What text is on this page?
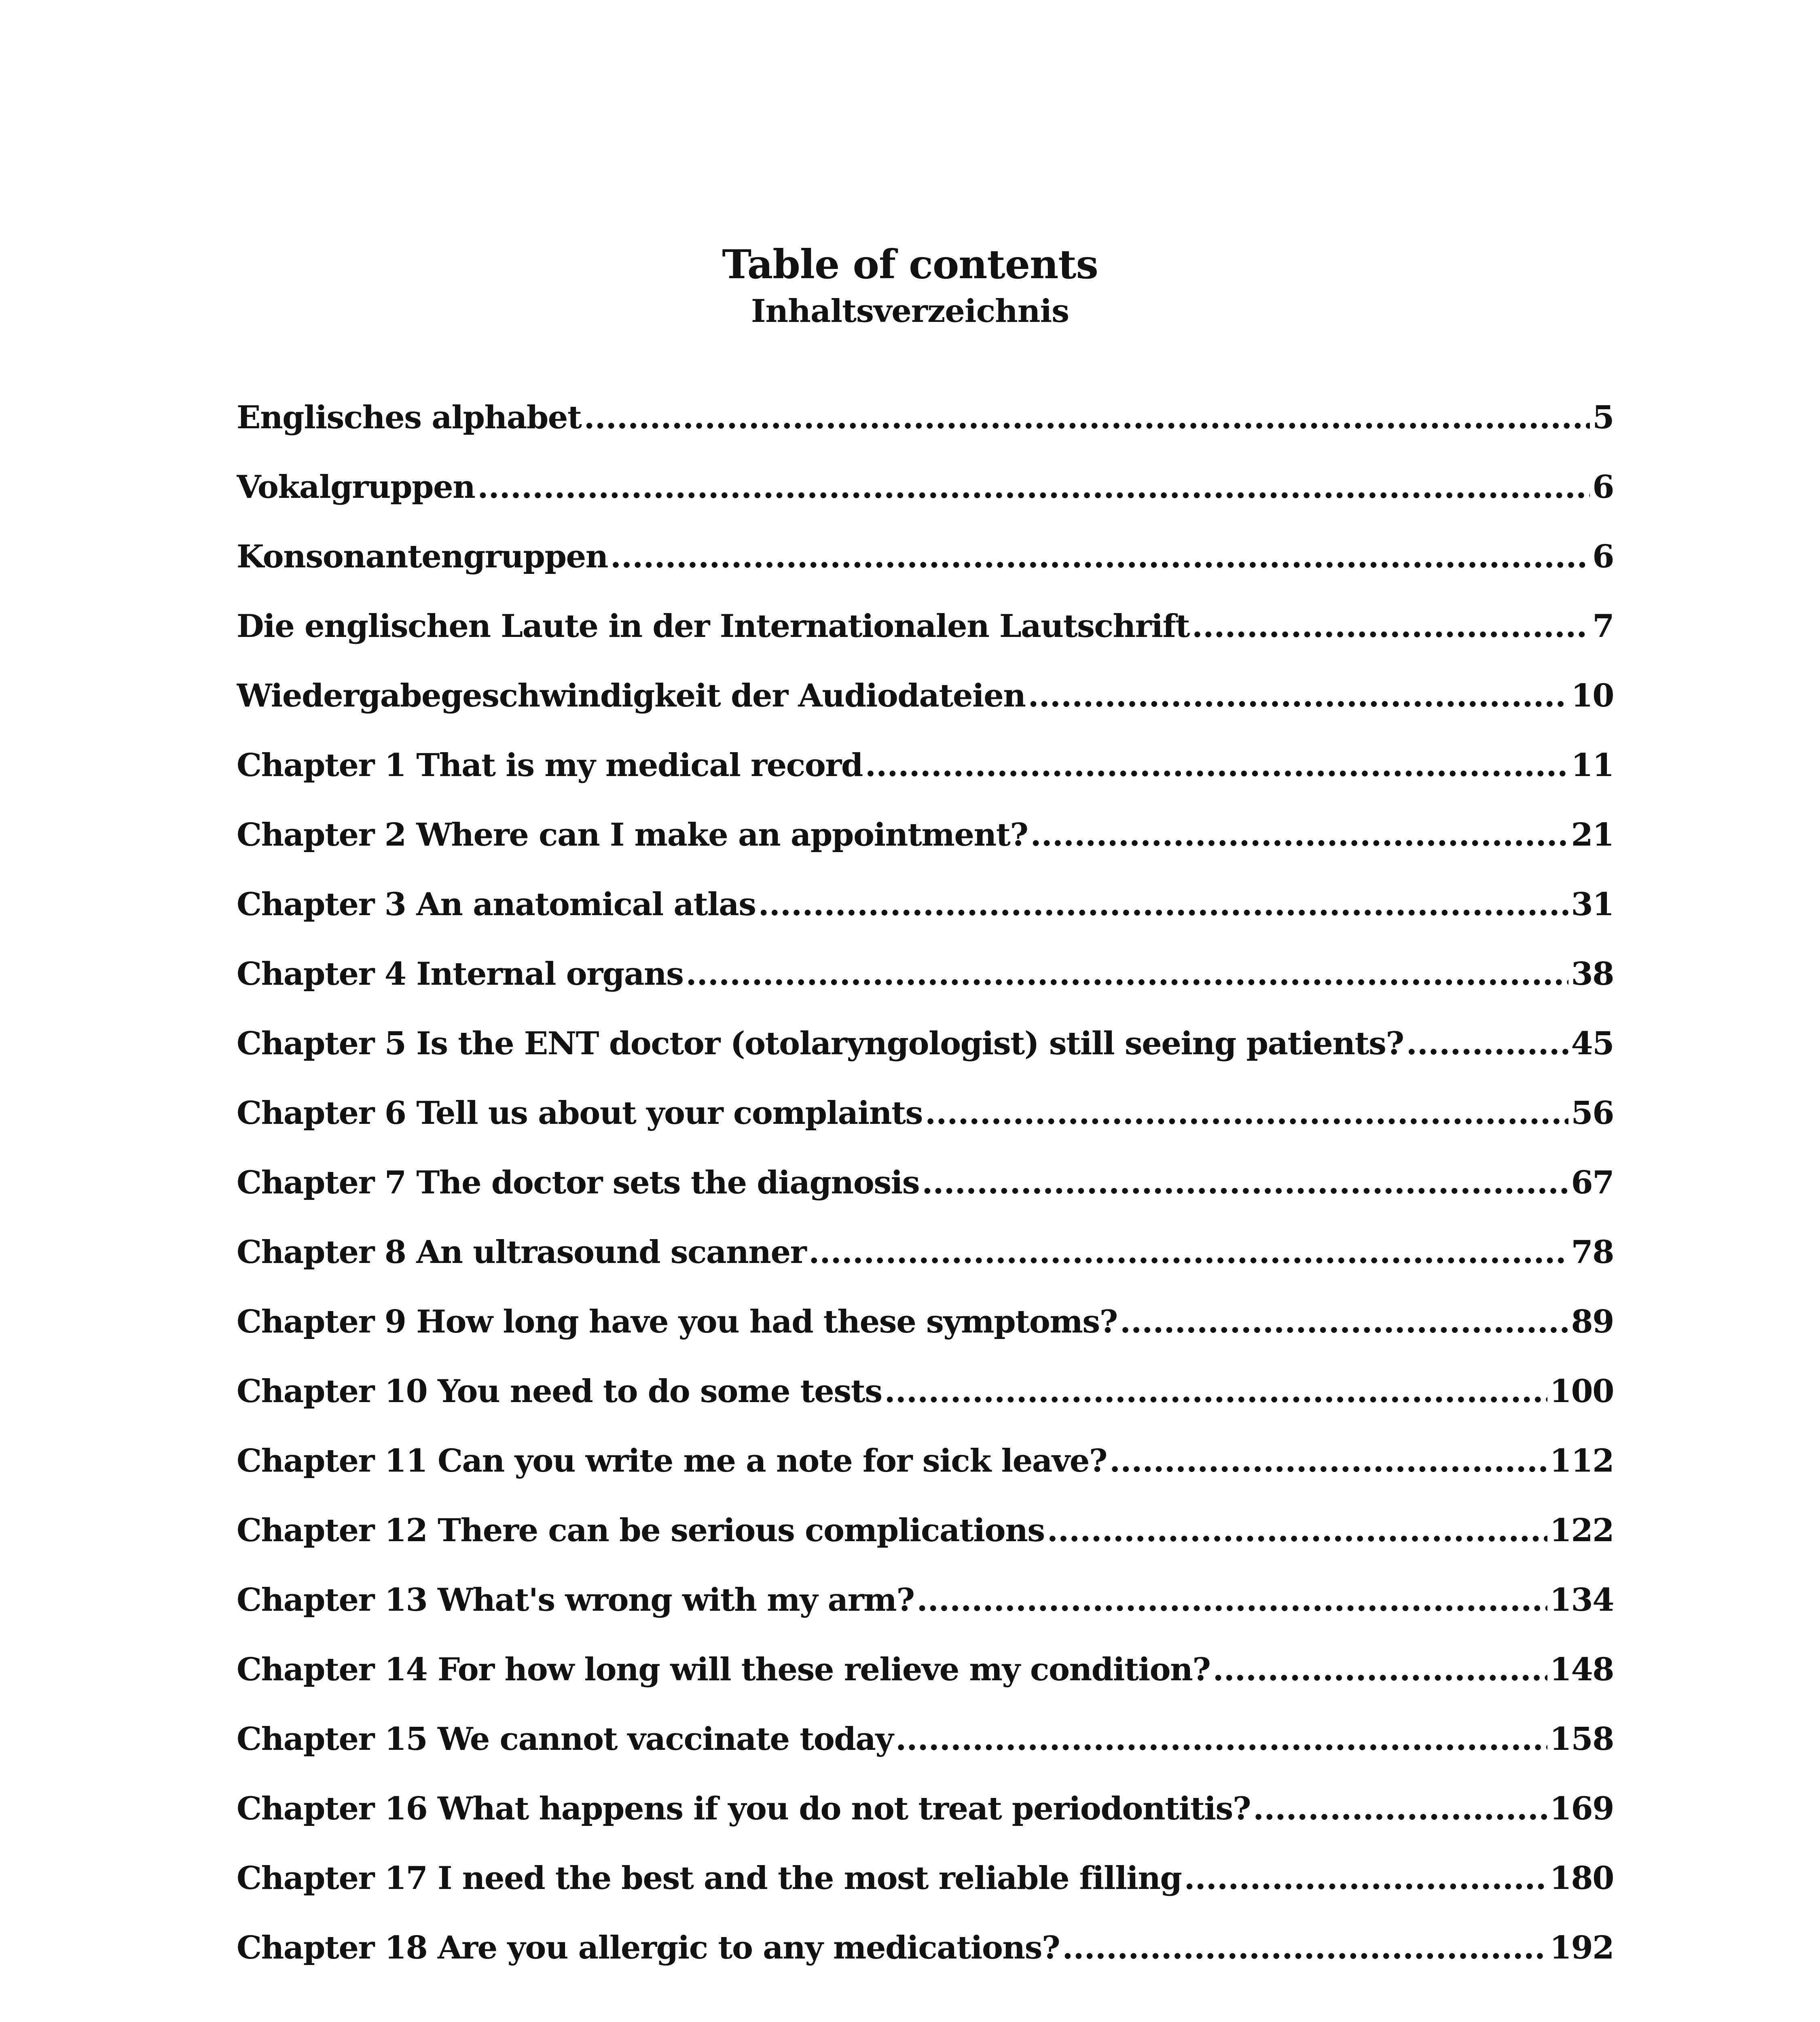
Table of contents
Inhaltsverzeichnis
Englisches alphabet .....	5
Vokalgruppen .....	6
Konsonantengruppen .....	6
Die englischen Laute in der Internationalen Lautschrift .....	7
Wiedergabegeschwindigkeit der Audiodateien .....	10
Chapter 1 That is my medical record .....	11
Chapter 2 Where can I make an appointment? .....	21
Chapter 3 An anatomical atlas .....	31
Chapter 4 Internal organs .....	38
Chapter 5 Is the ENT doctor (otolaryngologist) still seeing patients? .....	45
Chapter 6 Tell us about your complaints .....	56
Chapter 7 The doctor sets the diagnosis .....	67
Chapter 8 An ultrasound scanner .....	78
Chapter 9 How long have you had these symptoms? .....	89
Chapter 10 You need to do some tests .....	100
Chapter 11 Can you write me a note for sick leave? .....	112
Chapter 12 There can be serious complications .....	122
Chapter 13 What's wrong with my arm? .....	134
Chapter 14 For how long will these relieve my condition? .....	148
Chapter 15 We cannot vaccinate today .....	158
Chapter 16 What happens if you do not treat periodontitis? .....	169
Chapter 17 I need the best and the most reliable filling .....	180
Chapter 18 Are you allergic to any medications? .....	192
